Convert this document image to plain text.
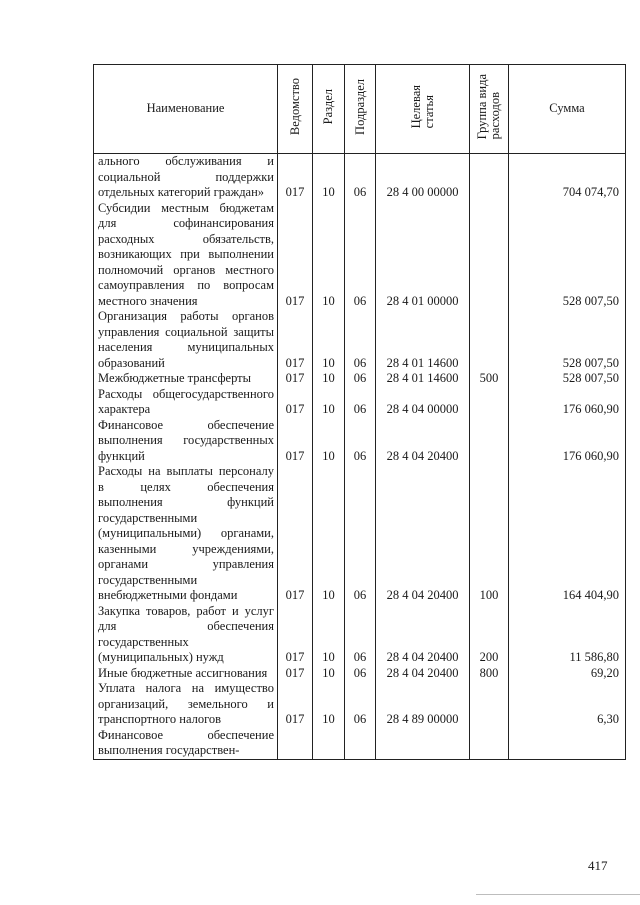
Наименование	Ведомство	Раздел	Подраздел	Целеваястатья	Группа видарасходов	Сумма
ального обслуживания и социальной поддержки отдельных категорий граждан»	017	10	06	28 4 00 00000		704 074,70
Субсидии местным бюджетам для софинансирования расходных обязательств, возникающих при выполнении полномочий органов местного самоуправления по вопросам местного значения	017	10	06	28 4 01 00000		528 007,50
Организация работы органов управления социальной защиты населения муниципальных образований	017	10	06	28 4 01 14600		528 007,50
Межбюджетные трансферты	017	10	06	28 4 01 14600	500	528 007,50
Расходы общегосударственного характера	017	10	06	28 4 04 00000		176 060,90
Финансовое обеспечение выполнения государственных функций	017	10	06	28 4 04 20400		176 060,90
Расходы на выплаты персоналу в целях обеспечения выполнения функций государственными (муниципальными) органами, казенными учреждениями, органами управления государственными внебюджетными фондами	017	10	06	28 4 04 20400	100	164 404,90
Закупка товаров, работ и услуг для обеспечения государственных (муниципальных) нужд	017	10	06	28 4 04 20400	200	11 586,80
Иные бюджетные ассигнования	017	10	06	28 4 04 20400	800	69,20
Уплата налога на имущество организаций, земельного и транспортного налогов	017	10	06	28 4 89 00000		6,30
Финансовое обеспечение выполнения государствен-						
417
